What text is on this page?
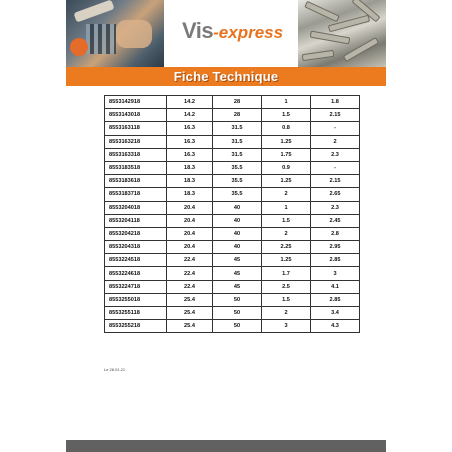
Vis-express
Fiche Technique
8553142918	14.2	28	1	1.8
8553143018	14.2	28	1.5	2.15
8553163118	16.3	31.5	0.8	-
8553163218	16.3	31.5	1.25	2
8553163318	16.3	31.5	1.75	2.3
8553183518	18.3	35.5	0.9	-
8553183618	18.3	35.5	1.25	2.15
8553183718	18.3	35.5	2	2.65
8553204018	20.4	40	1	2.3
8553204118	20.4	40	1.5	2.45
8553204218	20.4	40	2	2.8
8553204318	20.4	40	2.25	2.95
8553224518	22.4	45	1.25	2.85
8553224618	22.4	45	1.7	3
8553224718	22.4	45	2.5	4.1
8553255018	25.4	50	1.5	2.85
8553255118	25.4	50	2	3.4
8553255218	25.4	50	3	4.3
Le 26.01.21
